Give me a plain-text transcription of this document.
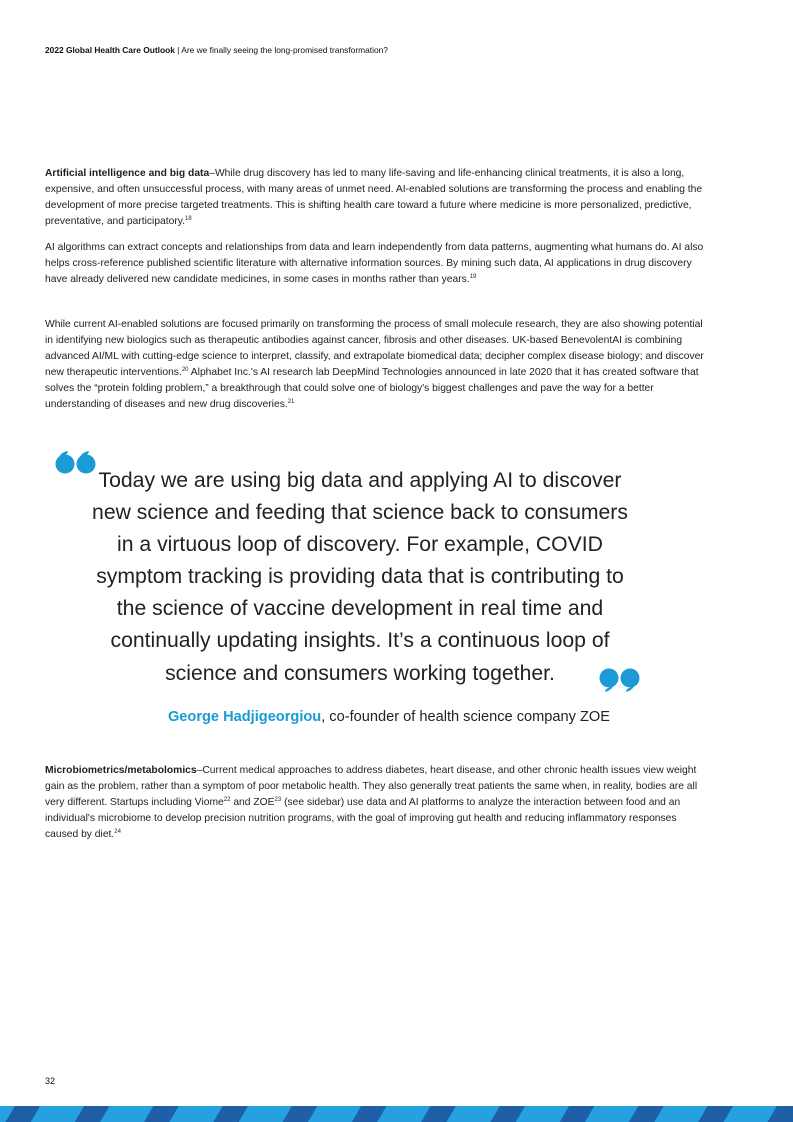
2022 Global Health Care Outlook | Are we finally seeing the long-promised transformation?

Artificial intelligence and big data–While drug discovery has led to many life-saving and life-enhancing clinical treatments, it is also a long, expensive, and often unsuccessful process, with many areas of unmet need. AI-enabled solutions are transforming the process and enabling the development of more precise targeted treatments. This is shifting health care toward a future where medicine is more personalized, predictive, preventative, and participatory.$^{18}$

AI algorithms can extract concepts and relationships from data and learn independently from data patterns, augmenting what humans do. AI also helps cross-reference published scientific literature with alternative information sources. By mining such data, AI applications in drug discovery have already delivered new candidate medicines, in some cases in months rather than years.$^{19}$

While current AI-enabled solutions are focused primarily on transforming the process of small molecule research, they are also showing potential in identifying new biologics such as therapeutic antibodies against cancer, fibrosis and other diseases. UK-based BenevolentAI is combining advanced AI/ML with cutting-edge science to interpret, classify, and extrapolate biomedical data; decipher complex disease biology; and discover new therapeutic interventions.$^{20}$ Alphabet Inc.'s AI research lab DeepMind Technologies announced in late 2020 that it has created software that solves the “protein folding problem,” a breakthrough that could solve one of biology's biggest challenges and pave the way for a better understanding of diseases and new drug discoveries.$^{21}$

Today we are using big data and applying AI to discover new science and feeding that science back to consumers in a virtuous loop of discovery. For example, COVID symptom tracking is providing data that is contributing to the science of vaccine development in real time and continually updating insights. It’s a continuous loop of science and consumers working together.

George Hadjigeorgiou, co-founder of health science company ZOE

Microbiometrics/metabolomics–Current medical approaches to address diabetes, heart disease, and other chronic health issues view weight gain as the problem, rather than a symptom of poor metabolic health. They also generally treat patients the same when, in reality, bodies are all very different. Startups including Viome$^{22}$ and ZOE$^{23}$ (see sidebar) use data and AI platforms to analyze the interaction between food and an individual's microbiome to develop precision nutrition programs, with the goal of improving gut health and reducing inflammatory responses caused by diet.$^{24}$

32
